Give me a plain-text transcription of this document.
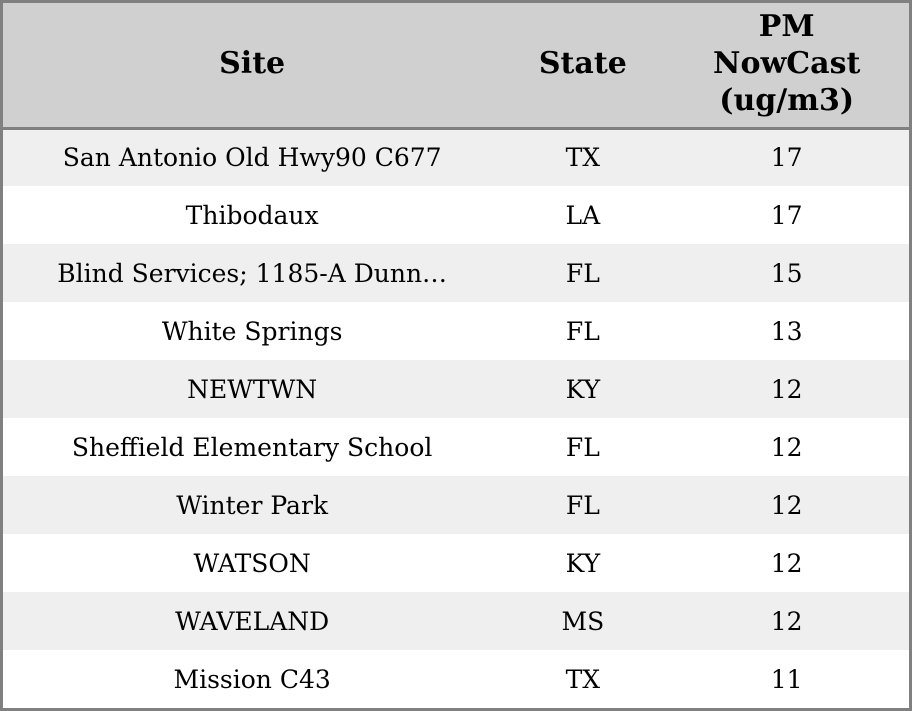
Site	State	PM
NowCast
(ug/m3)

San Antonio Old Hwy90 C677	TX	17
Thibodaux	LA	17
Blind Services; 1185-A Dunn…	FL	15
White Springs	FL	13
NEWTWN	KY	12
Sheffield Elementary School	FL	12
Winter Park	FL	12
WATSON	KY	12
WAVELAND	MS	12
Mission C43	TX	11
